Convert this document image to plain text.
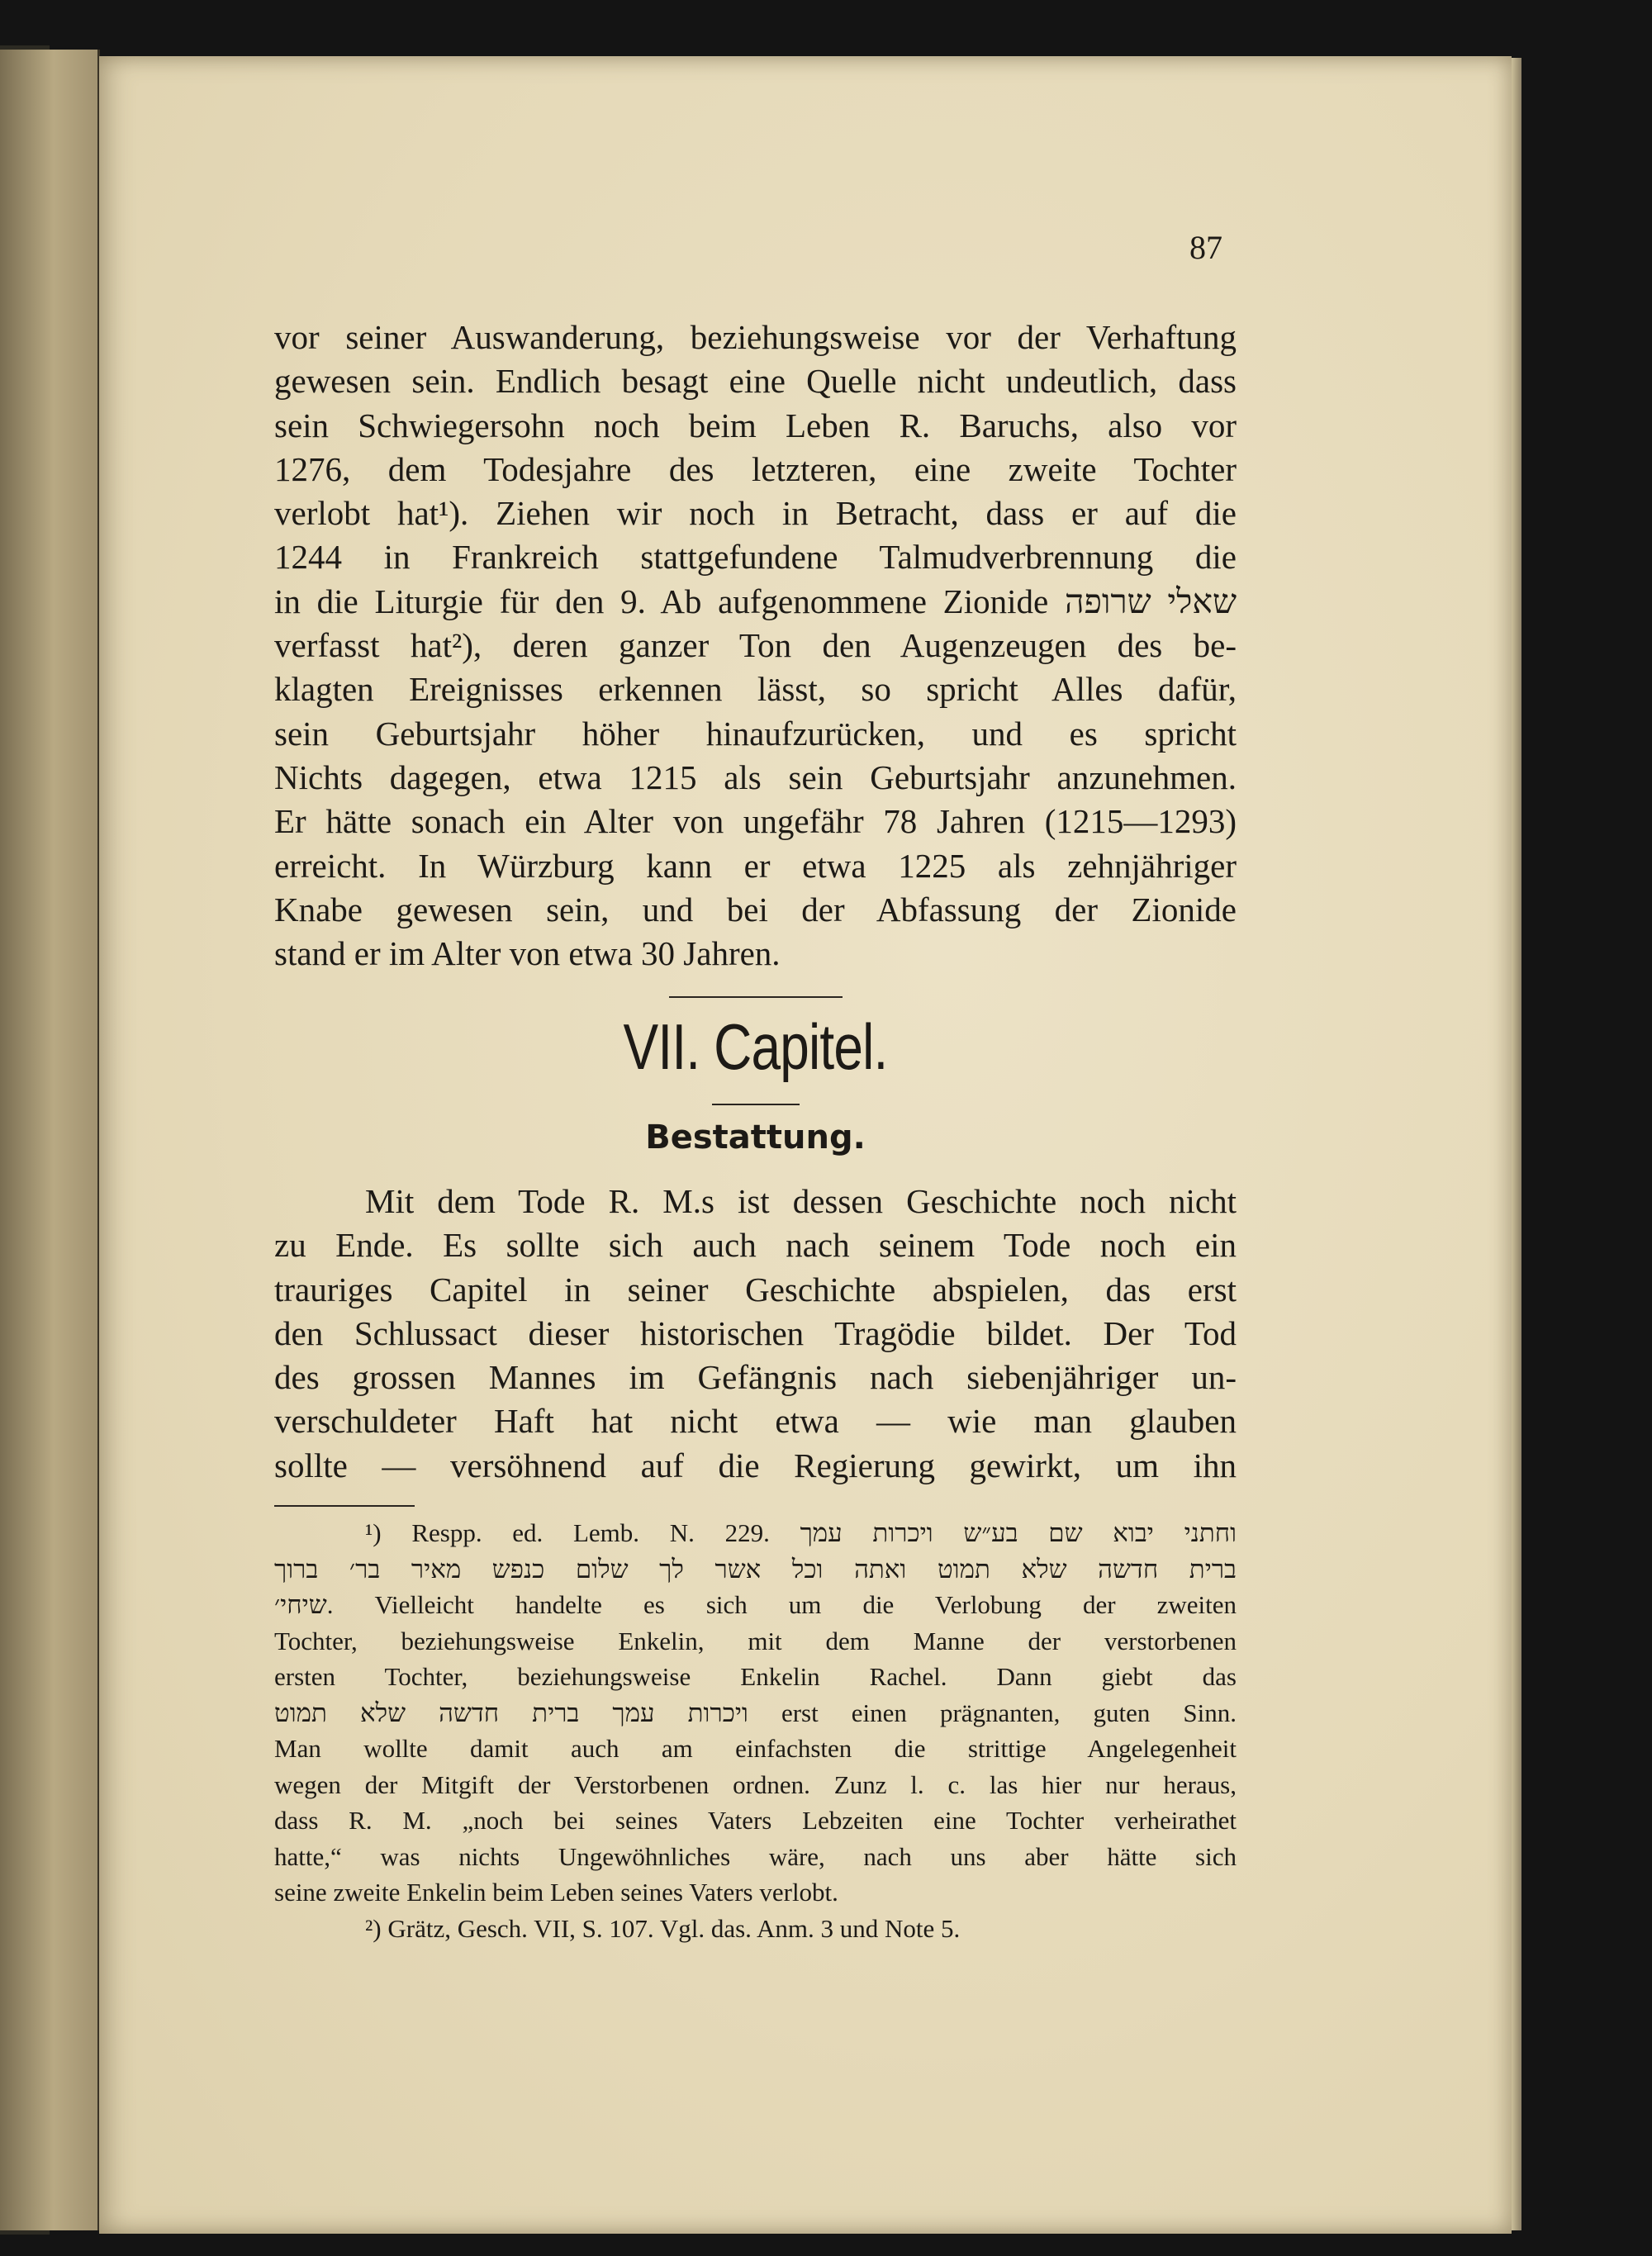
87
vor seiner Auswanderung, beziehungsweise vor der Verhaftung
gewesen sein. Endlich besagt eine Quelle nicht undeutlich, dass
sein Schwiegersohn noch beim Leben R. Baruchs, also vor
1276, dem Todesjahre des letzteren, eine zweite Tochter
verlobt hat¹). Ziehen wir noch in Betracht, dass er auf die
1244 in Frankreich stattgefundene Talmudverbrennung die
in die Liturgie für den 9. Ab aufgenommene Zionide שאלי שרופה
verfasst hat²), deren ganzer Ton den Augenzeugen des be-
klagten Ereignisses erkennen lässt, so spricht Alles dafür,
sein Geburtsjahr höher hinaufzurücken, und es spricht
Nichts dagegen, etwa 1215 als sein Geburtsjahr anzunehmen.
Er hätte sonach ein Alter von ungefähr 78 Jahren (1215—1293)
erreicht. In Würzburg kann er etwa 1225 als zehnjähriger
Knabe gewesen sein, und bei der Abfassung der Zionide
stand er im Alter von etwa 30 Jahren.
VII. Capitel.
Bestattung.
Mit dem Tode R. M.s ist dessen Geschichte noch nicht
zu Ende. Es sollte sich auch nach seinem Tode noch ein
trauriges Capitel in seiner Geschichte abspielen, das erst
den Schlussact dieser historischen Tragödie bildet. Der Tod
des grossen Mannes im Gefängnis nach siebenjähriger un-
verschuldeter Haft hat nicht etwa — wie man glauben
sollte — versöhnend auf die Regierung gewirkt, um ihn
¹) Respp. ed. Lemb. N. 229. וחתני יבוא שם בע״ש ויכרות עמך
ברית חדשה שלא תמוט ואתה וכל אשר לך שלום כנפש מאיר בר׳ ברוך
שיחי׳. Vielleicht handelte es sich um die Verlobung der zweiten
Tochter, beziehungsweise Enkelin, mit dem Manne der verstorbenen
ersten Tochter, beziehungsweise Enkelin Rachel. Dann giebt das
ויכרות עמך ברית חדשה שלא תמוט erst einen prägnanten, guten Sinn.
Man wollte damit auch am einfachsten die strittige Angelegenheit
wegen der Mitgift der Verstorbenen ordnen. Zunz l. c. las hier nur heraus,
dass R. M. „noch bei seines Vaters Lebzeiten eine Tochter verheirathet
hatte,“ was nichts Ungewöhnliches wäre, nach uns aber hätte sich
seine zweite Enkelin beim Leben seines Vaters verlobt.
²) Grätz, Gesch. VII, S. 107. Vgl. das. Anm. 3 und Note 5.
